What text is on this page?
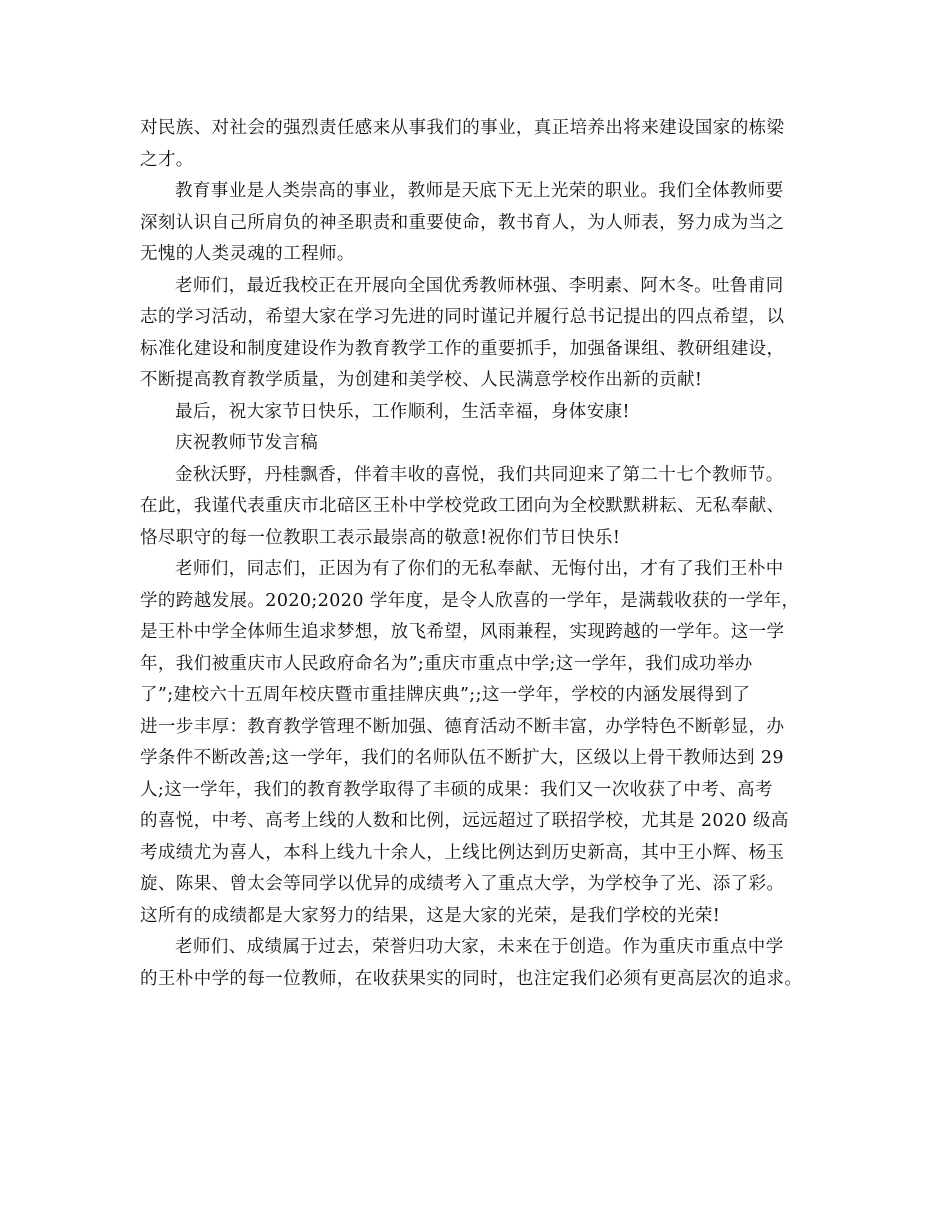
对民族、对社会的强烈责任感来从事我们的事业，真正培养出将来建设国家的栋梁
之才。
教育事业是人类崇高的事业，教师是天底下无上光荣的职业。我们全体教师要
深刻认识自己所肩负的神圣职责和重要使命，教书育人，为人师表，努力成为当之
无愧的人类灵魂的工程师。
老师们，最近我校正在开展向全国优秀教师林强、李明素、阿木冬。吐鲁甫同
志的学习活动，希望大家在学习先进的同时谨记并履行总书记提出的四点希望，以
标准化建设和制度建设作为教育教学工作的重要抓手，加强备课组、教研组建设，
不断提高教育教学质量，为创建和美学校、人民满意学校作出新的贡献!
最后，祝大家节日快乐，工作顺利，生活幸福，身体安康!
庆祝教师节发言稿
金秋沃野，丹桂飘香，伴着丰收的喜悦，我们共同迎来了第二十七个教师节。
在此，我谨代表重庆市北碚区王朴中学校党政工团向为全校默默耕耘、无私奉献、
恪尽职守的每一位教职工表示最崇高的敬意!祝你们节日快乐!
老师们，同志们，正因为有了你们的无私奉献、无悔付出，才有了我们王朴中
学的跨越发展。2020;2020 学年度，是令人欣喜的一学年，是满载收获的一学年，
是王朴中学全体师生追求梦想，放飞希望，风雨兼程，实现跨越的一学年。这一学
年，我们被重庆市人民政府命名为”;重庆市重点中学;这一学年，我们成功举办
了”;建校六十五周年校庆暨市重挂牌庆典”;;这一学年，学校的内涵发展得到了
进一步丰厚：教育教学管理不断加强、德育活动不断丰富，办学特色不断彰显，办
学条件不断改善;这一学年，我们的名师队伍不断扩大，区级以上骨干教师达到 29
人;这一学年，我们的教育教学取得了丰硕的成果：我们又一次收获了中考、高考
的喜悦，中考、高考上线的人数和比例，远远超过了联招学校，尤其是 2020 级高
考成绩尤为喜人，本科上线九十余人，上线比例达到历史新高，其中王小辉、杨玉
旋、陈果、曾太会等同学以优异的成绩考入了重点大学，为学校争了光、添了彩。
这所有的成绩都是大家努力的结果，这是大家的光荣，是我们学校的光荣!
老师们、成绩属于过去，荣誉归功大家，未来在于创造。作为重庆市重点中学
的王朴中学的每一位教师，在收获果实的同时，也注定我们必须有更高层次的追求。
